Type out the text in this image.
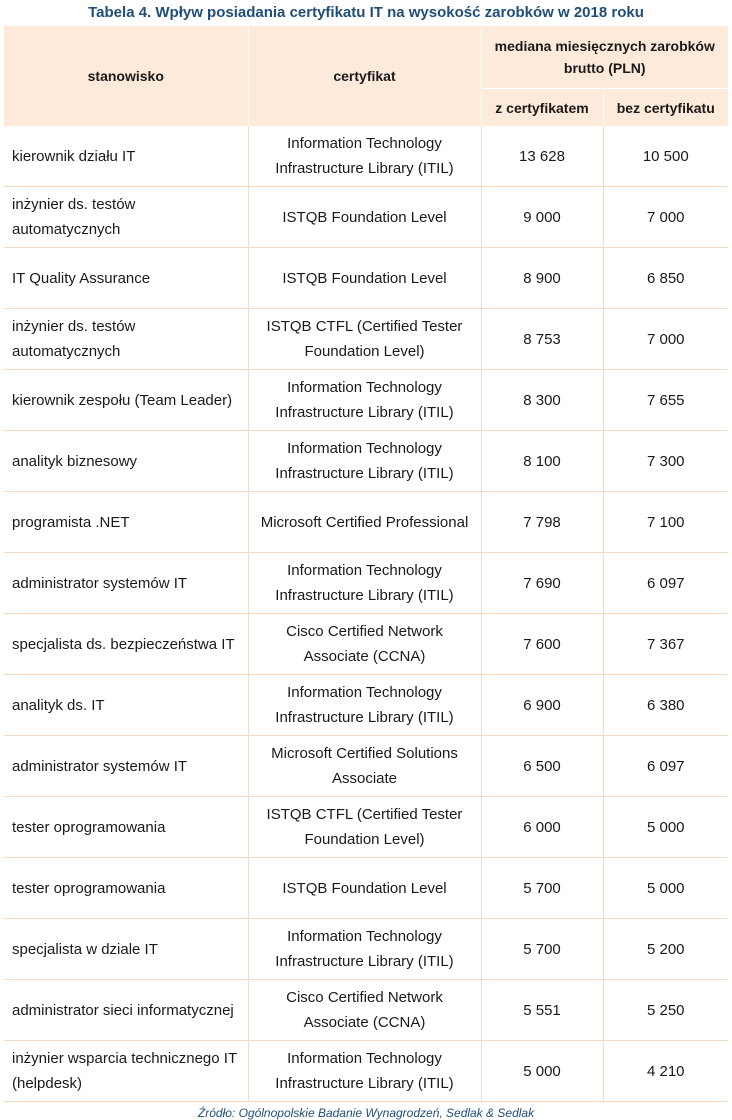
Tabela 4. Wpływ posiadania certyfikatu IT na wysokość zarobków w 2018 roku
stanowisko	certyfikat	mediana miesięcznych zarobków brutto (PLN)	
		z certyfikatem	bez certyfikatu
kierownik działu IT	Information Technology Infrastructure Library (ITIL)	13 628	10 500
inżynier ds. testów automatycznych	ISTQB Foundation Level	9 000	7 000
IT Quality Assurance	ISTQB Foundation Level	8 900	6 850
inżynier ds. testów automatycznych	ISTQB CTFL (Certified Tester Foundation Level)	8 753	7 000
kierownik zespołu (Team Leader)	Information Technology Infrastructure Library (ITIL)	8 300	7 655
analityk biznesowy	Information Technology Infrastructure Library (ITIL)	8 100	7 300
programista .NET	Microsoft Certified Professional	7 798	7 100
administrator systemów IT	Information Technology Infrastructure Library (ITIL)	7 690	6 097
specjalista ds. bezpieczeństwa IT	Cisco Certified Network Associate (CCNA)	7 600	7 367
analityk ds. IT	Information Technology Infrastructure Library (ITIL)	6 900	6 380
administrator systemów IT	Microsoft Certified Solutions Associate	6 500	6 097
tester oprogramowania	ISTQB CTFL (Certified Tester Foundation Level)	6 000	5 000
tester oprogramowania	ISTQB Foundation Level	5 700	5 000
specjalista w dziale IT	Information Technology Infrastructure Library (ITIL)	5 700	5 200
administrator sieci informatycznej	Cisco Certified Network Associate (CCNA)	5 551	5 250
inżynier wsparcia technicznego IT (helpdesk)	Information Technology Infrastructure Library (ITIL)	5 000	4 210
Źródło: Ogólnopolskie Badanie Wynagrodzeń, Sedlak & Sedlak
